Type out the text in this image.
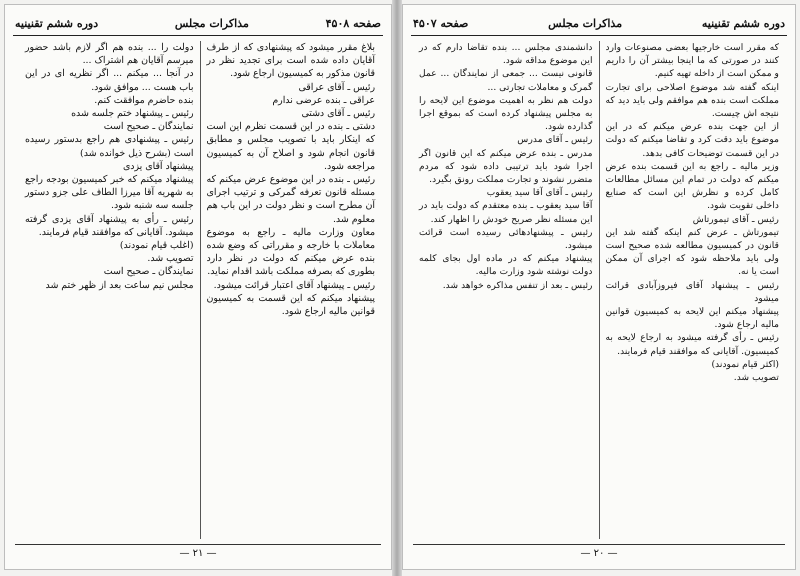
صفحه ۴۵۰۸
مذاکرات مجلس
دوره ششم تقنینیه

بلاغ مقرر میشود که پیشنهادی که از طرف آقایان داده شده است برای تجدید نظر در قانون مذکور به کمیسیون ارجاع شود.

رئیس ـ آقای عراقی

عراقی ـ بنده عرضی ندارم

رئیس ـ آقای دشتی

دشتی ـ بنده در این قسمت نظرم این است که اینکار باید با تصویب مجلس و مطابق قانون انجام شود و اصلاح آن به کمیسیون مراجعه شود.

رئیس ـ بنده در این موضوع عرض میکنم که مسئله قانون تعرفه گمرکی و ترتیب اجرای آن مطرح است و نظر دولت در این باب هم معلوم شد.

معاون وزارت مالیه ـ راجع به موضوع معاملات با خارجه و مقرراتی که وضع شده بنده عرض میکنم که دولت در نظر دارد بطوری که بصرفه مملکت باشد اقدام نماید.

رئیس ـ پیشنهاد آقای اعتبار قرائت میشود.

پیشنهاد میکنم که این قسمت به کمیسیون قوانین مالیه ارجاع شود.

دولت را ... بنده هم اگر لازم باشد حضور میرسم آقایان هم اشتراک ...

در آنجا ... میکنم ... اگر نظریه ای در این باب هست ... موافق شود.

بنده حاضرم موافقت کنم.

رئیس ـ پیشنهاد ختم جلسه شده

نمایندگان ـ صحیح است

رئیس ـ پیشنهادی هم راجع بدستور رسیده است (بشرح ذیل خوانده شد)

پیشنهاد آقای یزدی

پیشنهاد میکنم که خبر کمیسیون بودجه راجع به شهریه آقا میرزا الطاف علی جزو دستور جلسه سه شنبه شود.

رئیس ـ رأی به پیشنهاد آقای یزدی گرفته میشود. آقایانی که موافقند قیام فرمایند.

(اغلب قیام نمودند)

تصویب شد.

نمایندگان ـ صحیح است

مجلس نیم ساعت بعد از ظهر ختم شد

— ۲۱ —
دوره ششم تقنینیه
مذاکرات مجلس
صفحه ۴۵۰۷

که مقرر است خارجیها بعضی مصنوعات وارد کنند در صورتی که ما اینجا بیشتر آن را داریم و ممکن است از داخله تهیه کنیم.

اینکه گفته شد موضوع اصلاحی برای تجارت مملکت است بنده هم موافقم ولی باید دید که نتیجه اش چیست.

از این جهت بنده عرض میکنم که در این موضوع باید دقت کرد و تقاضا میکنم که دولت در این قسمت توضیحات کافی بدهد.

وزیر مالیه ـ راجع به این قسمت بنده عرض میکنم که دولت در تمام این مسائل مطالعات کامل کرده و نظرش این است که صنایع داخلی تقویت شود.

رئیس ـ آقای تیمورتاش

تیمورتاش ـ عرض کنم اینکه گفته شد این قانون در کمیسیون مطالعه شده صحیح است ولی باید ملاحظه شود که اجرای آن ممکن است یا نه.

رئیس ـ پیشنهاد آقای فیروزآبادی قرائت میشود

پیشنهاد میکنم این لایحه به کمیسیون قوانین مالیه ارجاع شود.

رئیس ـ رأی گرفته میشود به ارجاع لایحه به کمیسیون. آقایانی که موافقند قیام فرمایند.

(اکثر قیام نمودند)

تصویب شد.

دانشمندی مجلس ... بنده تقاضا دارم که در این موضوع مداقه شود.

قانونی نیست ... جمعی از نمایندگان ... عمل گمرک و معاملات تجارتی ...

دولت هم نظر به اهمیت موضوع این لایحه را به مجلس پیشنهاد کرده است که بموقع اجرا گذارده شود.

رئیس ـ آقای مدرس

مدرس ـ بنده عرض میکنم که این قانون اگر اجرا شود باید ترتیبی داده شود که مردم متضرر نشوند و تجارت مملکت رونق بگیرد.

رئیس ـ آقای آقا سید یعقوب

آقا سید یعقوب ـ بنده معتقدم که دولت باید در این مسئله نظر صریح خودش را اظهار کند.

رئیس ـ پیشنهادهائی رسیده است قرائت میشود.

پیشنهاد میکنم که در ماده اول بجای کلمه دولت نوشته شود وزارت مالیه.

رئیس ـ بعد از تنفس مذاکره خواهد شد.

— ۲۰ —
